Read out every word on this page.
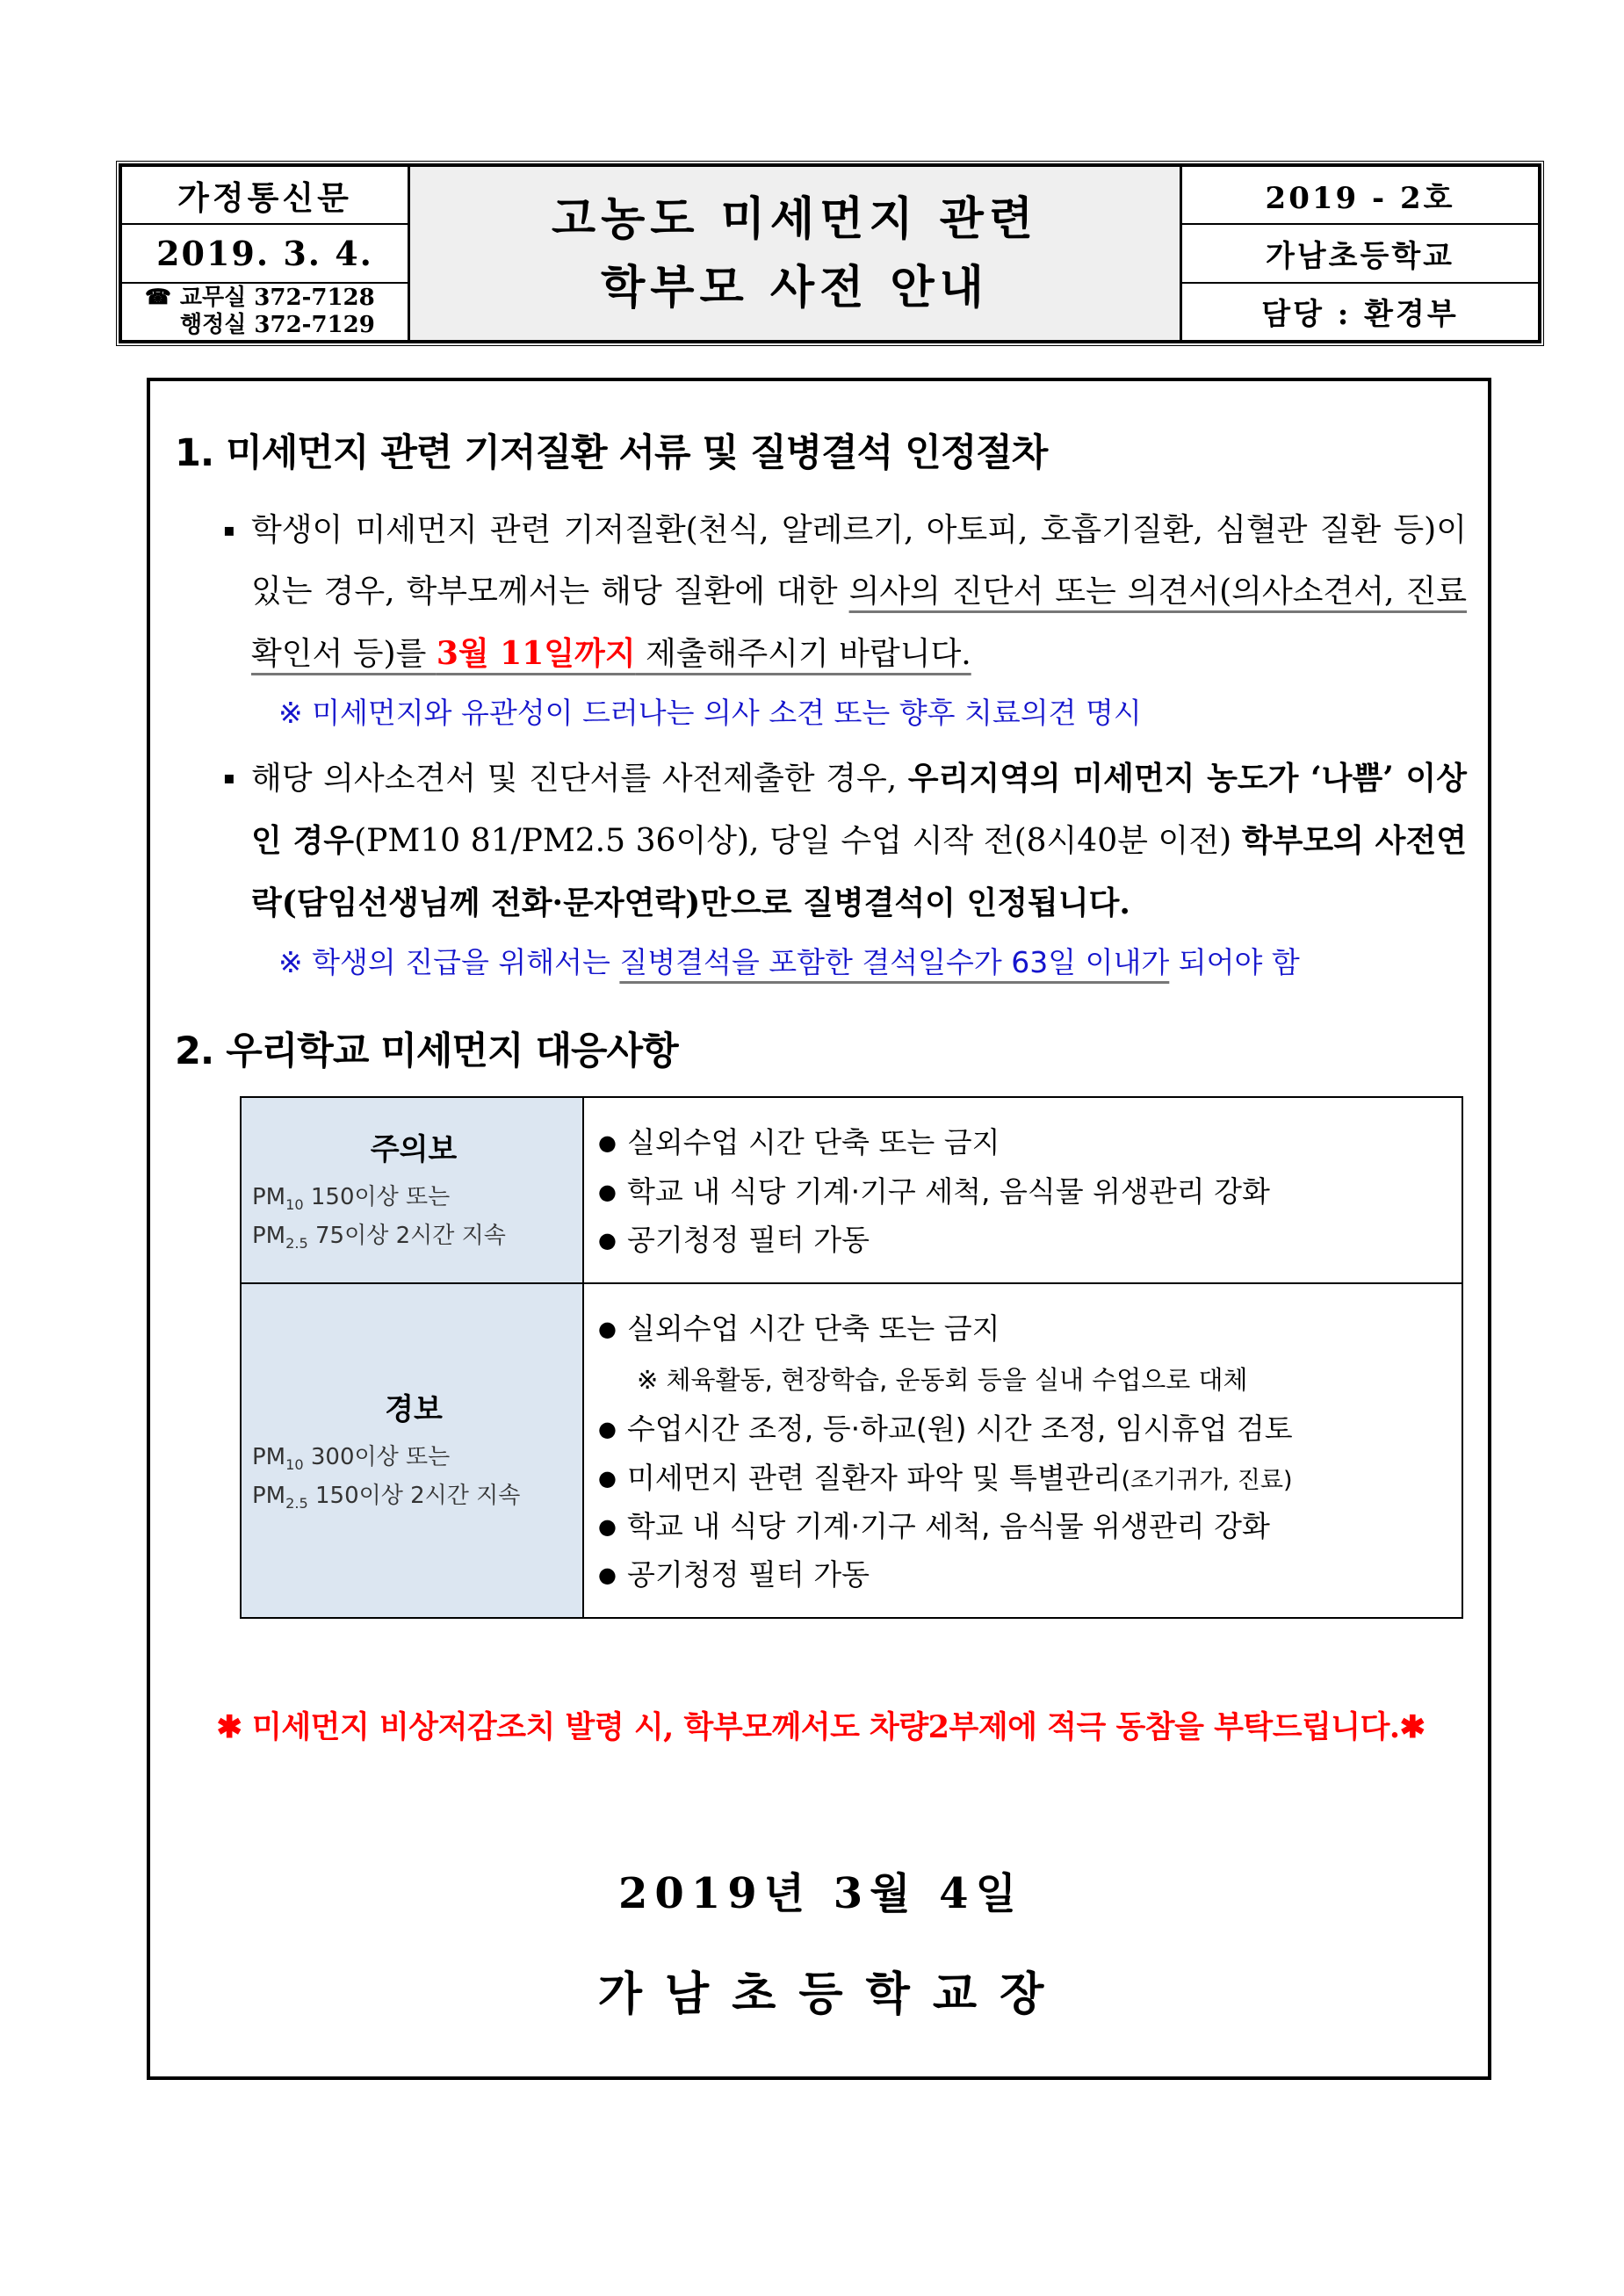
가정통신문
2019. 3. 4.
☎ 교무실 372-7128
행정실 372-7129
고농도 미세먼지 관련
학부모 사전 안내
2019 - 2호
가남초등학교
담당 : 환경부
1. 미세먼지 관련 기저질환 서류 및 질병결석 인정절차
▪ 학생이 미세먼지 관련 기저질환(천식, 알레르기, 아토피, 호흡기질환, 심혈관 질환 등)이 있는 경우, 학부모께서는 해당 질환에 대한 의사의 진단서 또는 의견서(의사소견서, 진료확인서 등)를 3월 11일까지 제출해주시기 바랍니다.
※ 미세먼지와 유관성이 드러나는 의사 소견 또는 향후 치료의견 명시
▪ 해당 의사소견서 및 진단서를 사전제출한 경우, 우리지역의 미세먼지 농도가 ‘나쁨’ 이상인 경우(PM10 81/PM2.5 36이상), 당일 수업 시작 전(8시40분 이전) 학부모의 사전연락(담임선생님께 전화·문자연락)만으로 질병결석이 인정됩니다.
※ 학생의 진급을 위해서는 질병결석을 포함한 결석일수가 63일 이내가 되어야 함
2. 우리학교 미세먼지 대응사항
주의보
$PM_{10}$ 150이상 또는
$PM_{2.5}$ 75이상 2시간 지속
● 실외수업 시간 단축 또는 금지
● 학교 내 식당 기계·기구 세척, 음식물 위생관리 강화
● 공기청정 필터 가동
경보
$PM_{10}$ 300이상 또는
$PM_{2.5}$ 150이상 2시간 지속
● 실외수업 시간 단축 또는 금지
※ 체육활동, 현장학습, 운동회 등을 실내 수업으로 대체
● 수업시간 조정, 등·하교(원) 시간 조정, 임시휴업 검토
● 미세먼지 관련 질환자 파악 및 특별관리(조기귀가, 진료)
● 학교 내 식당 기계·기구 세척, 음식물 위생관리 강화
● 공기청정 필터 가동
✱ 미세먼지 비상저감조치 발령 시, 학부모께서도 차량2부제에 적극 동참을 부탁드립니다.✱
2019년 3월 4일
가남초등학교장
